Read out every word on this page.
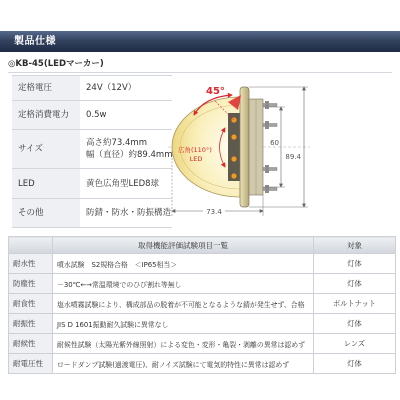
製品仕様
◎KB-45(LEDマーカー)
定格電圧	24V（12V）
定格消費電力	0.5w
サイズ	高さ約73.4mm
幅（直径）約89.4mm

LED	黄色広角型LED8球
その他	防錆・防水・防振構造
60
89.4
73.4
45°
広角(110°)
LED
	取得機能評価試験項目一覧	対象
耐水性	噴水試験　S2規格合格　＜IP65相当＞	灯体
防塵性	－30℃←→常温環境でのひび割れ等無し	灯体
耐食性	塩水噴霧試験により、構成部品の脱着が不可能となるような錆が発生せず、合格	ボルトナット
耐振性	JIS D 1601振動耐久試験に異常なし	灯体
耐候性	耐候性試験（太陽光紫外線照射）による変色・変形・亀裂・剥離の異常は認めず	レンズ
耐電圧性	ロードダンプ試験(過渡電圧)、耐ノイズ試験にて電気的特性に異常は認めず	灯体
